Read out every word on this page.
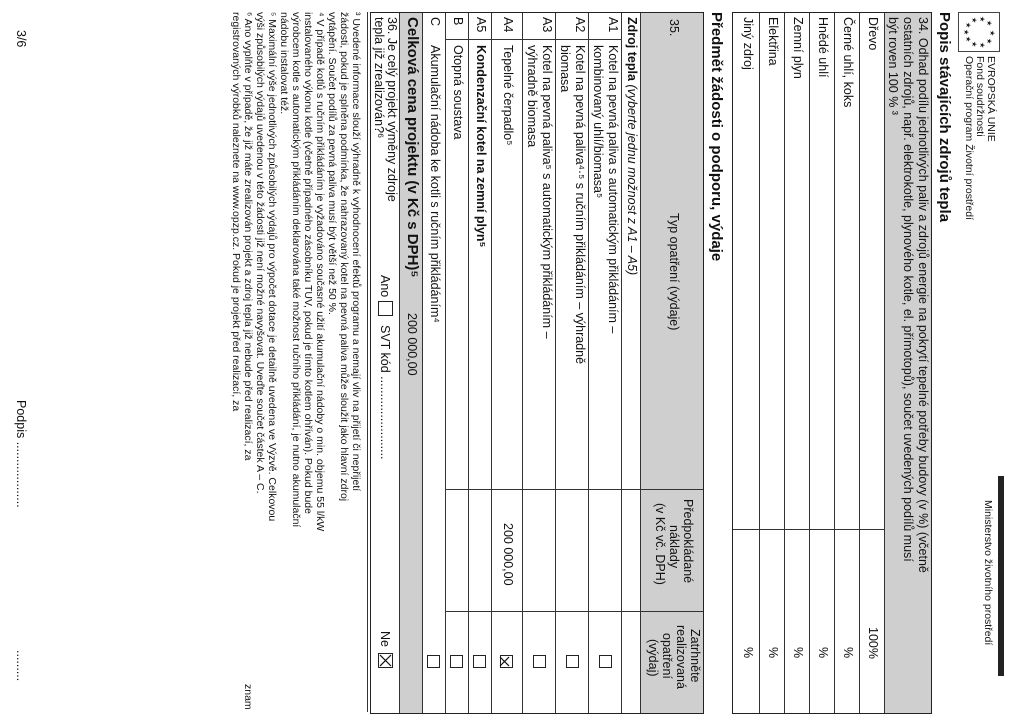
★
★
★
★
★
★
★
★ ★
★
EVROPSKÁ UNIE
Fond soudržnosti
Operační program Životní prostředí
Ministerstvo životního prostředí
Popis stávajících zdrojů tepla
34. Odhad podílu jednotlivých paliv a zdrojů energie na pokrytí tepelné potřeby budovy (v %) (včetně
ostatních zdrojů, např. elektrokotle, plynového kotle, el. přímotopů), součet uvedených podílů musí
být roven 100 % ³
Dřevo
100%
Černé uhlí, koks
%
Hnědé uhlí
%
Zemní plyn
%
Elektřina
%
Jiný zdroj
%
Předmět žádosti o podporu, výdaje
35.
Typ opatření (výdaje)
Předpokládané
náklady
(v Kč vč. DPH)
Zatrhněte
realizovaná
opatření
(výdaj)
Zdroj tepla (vyberte jednu možnost z A1 – A5)
A1
Kotel na pevná paliva s automatickým přikládáním –
kombinovaný uhlí/biomasa⁵
A2
Kotel na pevná paliva⁴·⁵ s ručním přikládáním – výhradně
biomasa
A3
Kotel na pevná paliva⁵ s automatickým přikládáním –
výhradně biomasa
A4
Tepelné čerpadlo⁵
200 000,00
A5
Kondenzační kotel na zemní plyn⁵
B
Otopná soustava
C
Akumulační nádoba ke kotli s ručním přikládáním⁴
Celková cena projektu (v Kč s DPH)⁵
200 000,00
36. Je celý projekt výměny zdroje
tepla již zrealizován?⁶
Ano
SVT kód ........................
Ne
³ Uvedené informace slouží výhradně k vyhodnocení efektů programu a nemají vliv na přijetí či nepřijetí
žádosti, pokud je splněna podmínka, že nahrazovaný kotel na pevná paliva může sloužit jako hlavní zdroj
vytápění. Součet podílů za pevná paliva musí být větší než 50 %.
⁴ V případě kotlů s ručním přikládáním je vyžadováno současné užití akumulační nádoby o min. objemu 55 l/kW
instalovaného výkonu kotle (včetně případného zásobníku TUV, pokud je tímto kotlem ohříván). Pokud bude
výrobcem kotle s automatickým přikládáním deklarována také možnost ručního přikládání, je nutno akumulační
nádobu instalovat též.
⁵ Maximální výše jednotlivých způsobilých výdajů pro výpočet dotace je detailně uvedena ve Výzvě. Celkovou
výši způsobilých výdajů uvedenou v této žádosti již není možné navyšovat. Uveďte součet částek A – C.
⁶ Ano vyplňte v případě, že již máte zrealizován projekt a zdroj tepla již nebude před realizací, za
registrovaných výrobků naleznete na www.opzp.cz. Pokud je projekt před realizací, za
znam
3/6
Podpis ...................
.........
